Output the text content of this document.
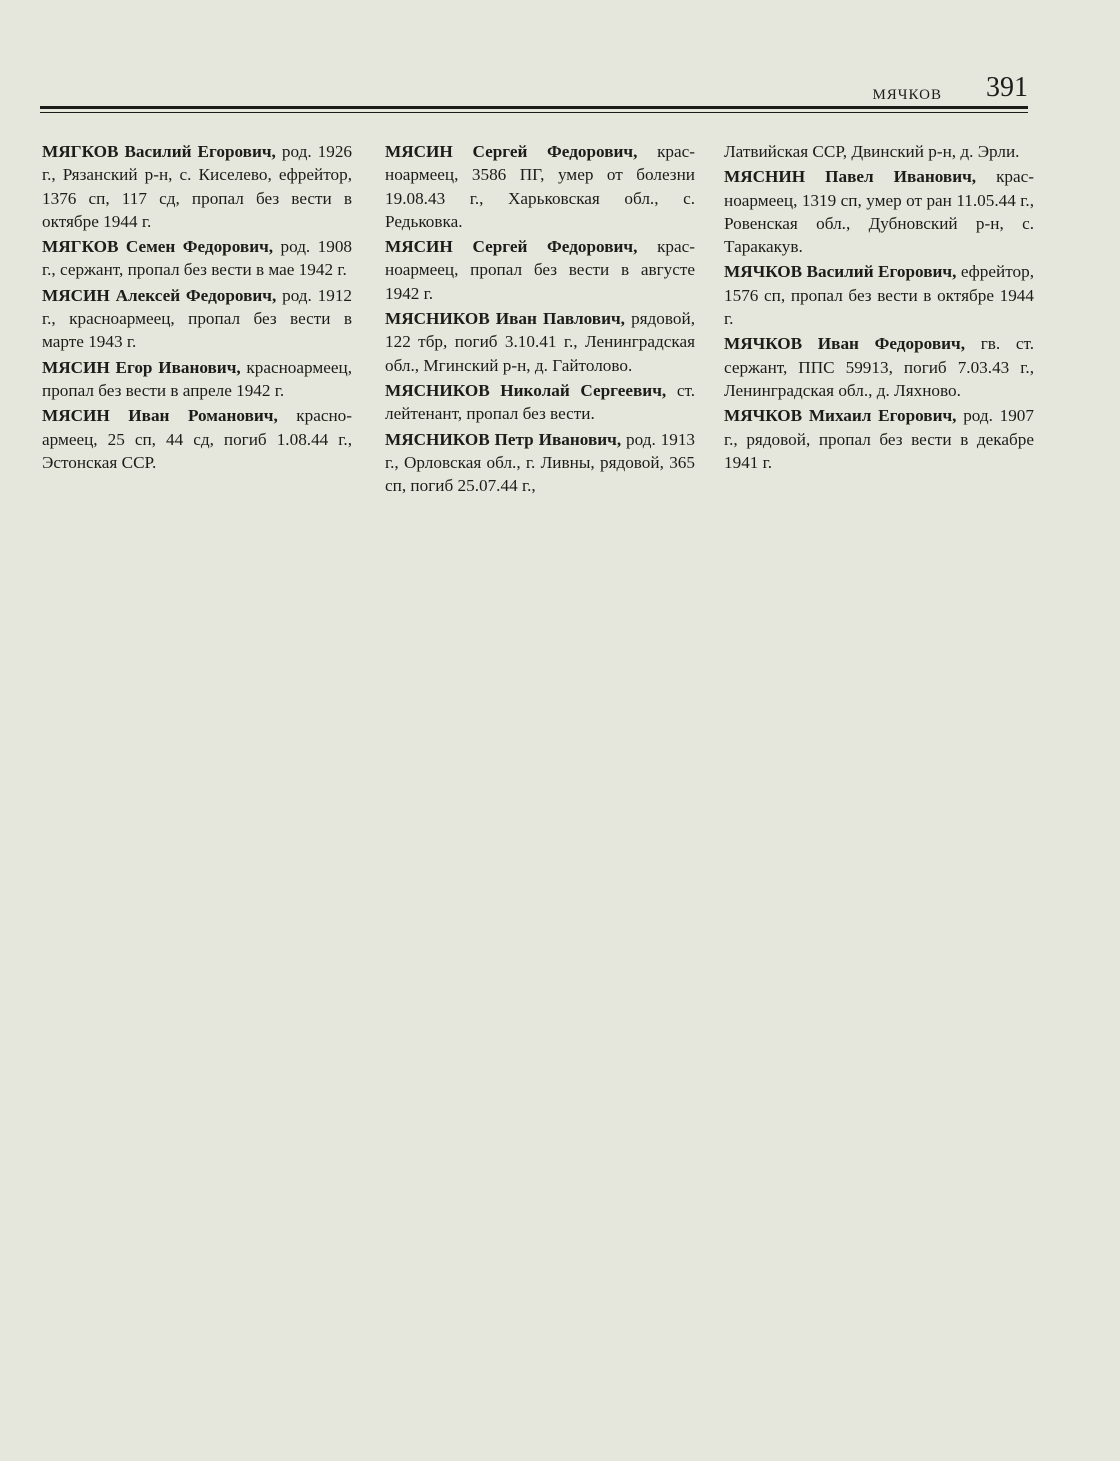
мячков 391

МЯГКОВ Василий Егорович, род. 1926 г., Рязанский р-н, с. Киселево, ефрейтор, 1376 сп, 117 сд, пропал без вести в октябре 1944 г.

МЯГКОВ Семен Федорович, род. 1908 г., сержант, пропал без вести в мае 1942 г.

МЯСИН Алексей Федорович, род. 1912 г., красноармеец, пропал без вести в марте 1943 г.

МЯСИН Егор Иванович, красноармеец, пропал без вести в апреле 1942 г.

МЯСИН Иван Романович, красноармеец, 25 сп, 44 сд, погиб 1.08.44 г., Эстонская ССР.

МЯСИН Сергей Федорович, красноармеец, 3586 ПГ, умер от болезни 19.08.43 г., Харьковская обл., с. Редьковка.

МЯСИН Сергей Федорович, красноармеец, пропал без вести в августе 1942 г.

МЯСНИКОВ Иван Павлович, рядовой, 122 тбр, погиб 3.10.41 г., Ленинградская обл., Мгинский р-н, д. Гайтолово.

МЯСНИКОВ Николай Сергеевич, ст. лейтенант, пропал без вести.

МЯСНИКОВ Петр Иванович, род. 1913 г., Орловская обл., г. Ливны, рядовой, 365 сп, погиб 25.07.44 г.,

Латвийская ССР, Двинский р-н, д. Эрли.

МЯСНИН Павел Иванович, красноармеец, 1319 сп, умер от ран 11.05.44 г., Ровенская обл., Дубновский р-н, с. Таракакув.

МЯЧКОВ Василий Егорович, ефрейтор, 1576 сп, пропал без вести в октябре 1944 г.

МЯЧКОВ Иван Федорович, гв. ст. сержант, ППС 59913, погиб 7.03.43 г., Ленинградская обл., д. Ляхново.

МЯЧКОВ Михаил Егорович, род. 1907 г., рядовой, пропал без вести в декабре 1941 г.
